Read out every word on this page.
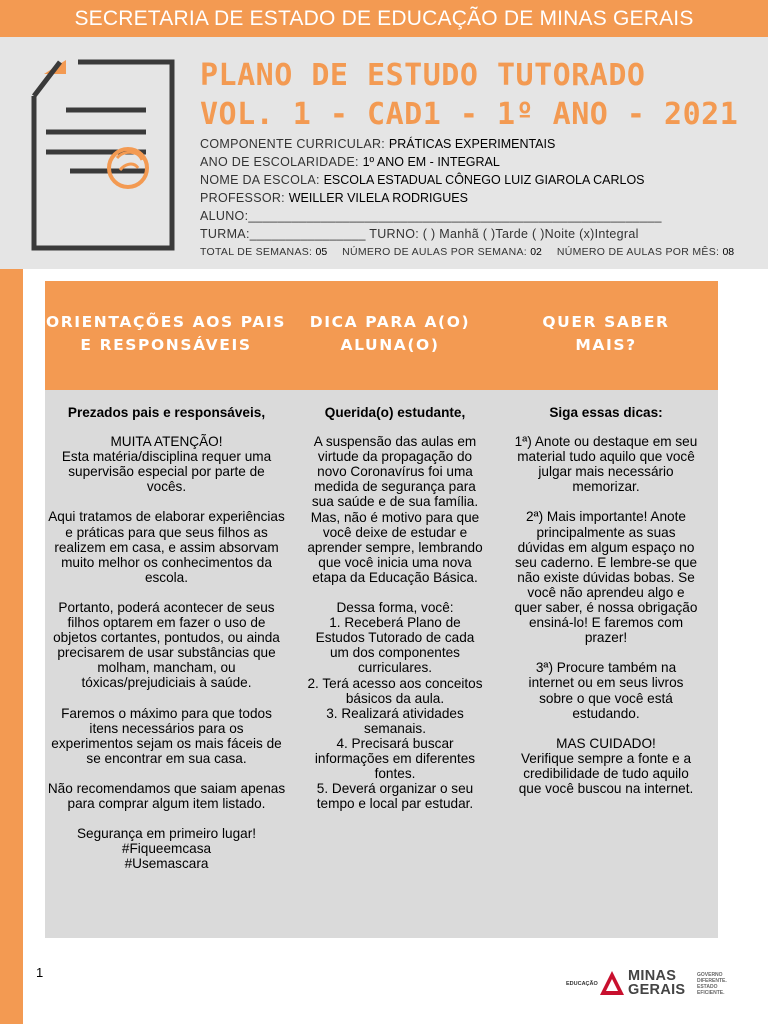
SECRETARIA DE ESTADO DE EDUCAÇÃO DE MINAS GERAIS
PLANO DE ESTUDO TUTORADO
VOL. 1 - CAD1 - 1º ANO - 2021
COMPONENTE CURRICULAR: PRÁTICAS EXPERIMENTAIS
ANO DE ESCOLARIDADE: 1º ANO EM - INTEGRAL
NOME DA ESCOLA: ESCOLA ESTADUAL CÔNEGO LUIZ GIAROLA CARLOS
PROFESSOR: WEILLER VILELA RODRIGUES
ALUNO:_________________________________________________________
TURMA:________________ TURNO: ( ) Manhã ( )Tarde ( )Noite (x)Integral
TOTAL DE SEMANAS: 05 NÚMERO DE AULAS POR SEMANA: 02 NÚMERO DE AULAS POR MÊS: 08
ORIENTAÇÕES AOS PAIS
E RESPONSÁVEIS
DICA PARA A(O)
ALUNA(O)
QUER SABER
MAIS?
Prezados pais e responsáveis,

MUITA ATENÇÃO!
Esta matéria/disciplina requer uma
supervisão especial por parte de
vocês.

Aqui tratamos de elaborar experiências
e práticas para que seus filhos as
realizem em casa, e assim absorvam
muito melhor os conhecimentos da
escola.

Portanto, poderá acontecer de seus
filhos optarem em fazer o uso de
objetos cortantes, pontudos, ou ainda
precisarem de usar substâncias que
molham, mancham, ou
tóxicas/prejudiciais à saúde.

Faremos o máximo para que todos
itens necessários para os
experimentos sejam os mais fáceis de
se encontrar em sua casa.

Não recomendamos que saiam apenas
para comprar algum item listado.

Segurança em primeiro lugar!
#Fiqueemcasa
#Usemascara

Querida(o) estudante,

A suspensão das aulas em
virtude da propagação do
novo Coronavírus foi uma
medida de segurança para
sua saúde e de sua família.
Mas, não é motivo para que
você deixe de estudar e
aprender sempre, lembrando
que você inicia uma nova
etapa da Educação Básica.

Dessa forma, você:
1. Receberá Plano de
Estudos Tutorado de cada
um dos componentes
curriculares.
2. Terá acesso aos conceitos
básicos da aula.
3. Realizará atividades
semanais.
4. Precisará buscar
informações em diferentes
fontes.
5. Deverá organizar o seu
tempo e local par estudar.

Siga essas dicas:

1ª) Anote ou destaque em seu
material tudo aquilo que você
julgar mais necessário
memorizar.

2ª) Mais importante! Anote
principalmente as suas
dúvidas em algum espaço no
seu caderno. E lembre-se que
não existe dúvidas bobas. Se
você não aprendeu algo e
quer saber, é nossa obrigação
ensiná-lo! E faremos com
prazer!

3ª) Procure também na
internet ou em seus livros
sobre o que você está
estudando.

MAS CUIDADO!
Verifique sempre a fonte e a
credibilidade de tudo aquilo
que você buscou na internet.

1
EDUCAÇÃO MINAS
GERAIS
GOVERNO
DIFERENTE.
ESTADO
EFICIENTE.
